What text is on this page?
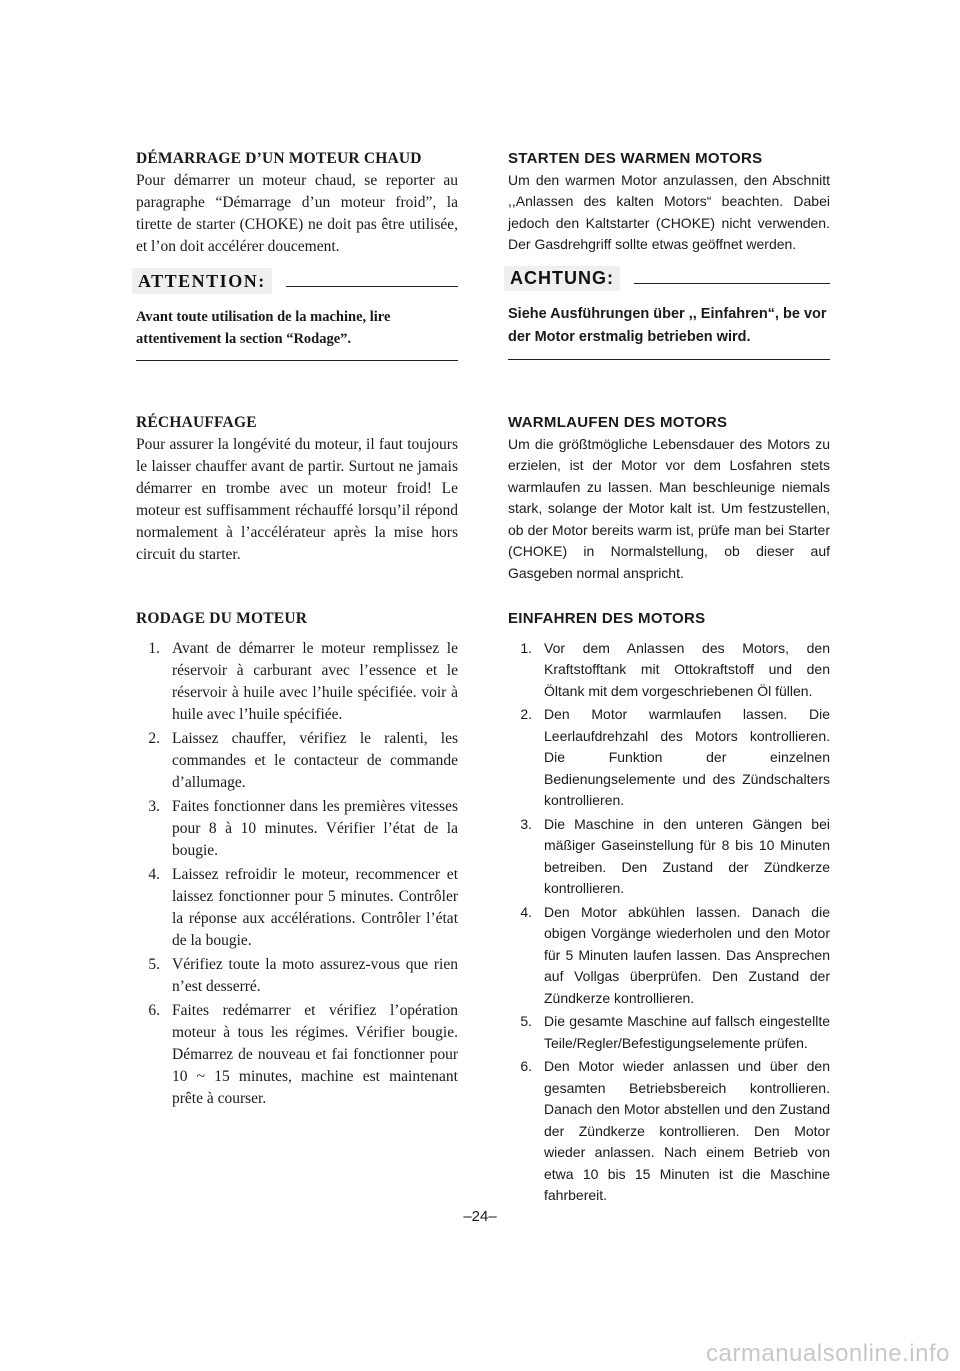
DÉMARRAGE D’UN MOTEUR CHAUD

Pour démarrer un moteur chaud, se reporter au paragraphe “Démarrage d’un moteur froid”, la tirette de starter (CHOKE) ne doit pas être utilisée, et l’on doit accélérer doucement.

ATTENTION:

Avant toute utilisation de la machine, lire attentivement la section “Rodage”.

RÉCHAUFFAGE

Pour assurer la longévité du moteur, il faut toujours le laisser chauffer avant de partir. Surtout ne jamais démarrer en trombe avec un moteur froid! Le moteur est suffisamment réchauffé lorsqu’il répond normalement à l’accélérateur après la mise hors circuit du starter.

RODAGE DU MOTEUR
1. Avant de démarrer le moteur remplissez le réservoir à carburant avec l’essence et le réservoir à huile avec l’huile spécifiée. voir à huile avec l’huile spécifiée.
2. Laissez chauffer, vérifiez le ralenti, les commandes et le contacteur de commande d’allumage.
3. Faites fonctionner dans les premières vitesses pour 8 à 10 minutes. Vérifier l’état de la bougie.
4. Laissez refroidir le moteur, recommencer et laissez fonctionner pour 5 minutes. Contrôler la réponse aux accélérations. Contrôler l’état de la bougie.
5. Vérifiez toute la moto assurez-vous que rien n’est desserré.
6. Faites redémarrer et vérifiez l’opération moteur à tous les régimes. Vérifier bougie. Démarrez de nouveau et fai fonctionner pour 10 ~ 15 minutes, machine est maintenant prête à courser.
STARTEN DES WARMEN MOTORS

Um den warmen Motor anzulassen, den Abschnitt ,,Anlassen des kalten Motors“ beachten. Dabei jedoch den Kaltstarter (CHOKE) nicht verwenden. Der Gasdrehgriff sollte etwas geöffnet werden.

ACHTUNG:

Siehe Ausführungen über ,, Einfahren“, be vor der Motor erstmalig betrieben wird.

WARMLAUFEN DES MOTORS

Um die größtmögliche Lebensdauer des Motors zu erzielen, ist der Motor vor dem Losfahren stets warmlaufen zu lassen. Man beschleunige niemals stark, solange der Motor kalt ist. Um festzustellen, ob der Motor bereits warm ist, prüfe man bei Starter (CHOKE) in Normalstellung, ob dieser auf Gasgeben normal anspricht.

EINFAHREN DES MOTORS
1. Vor dem Anlassen des Motors, den Kraftstofftank mit Ottokraftstoff und den Öltank mit dem vorgeschriebenen Öl füllen.
2. Den Motor warmlaufen lassen. Die Leerlaufdrehzahl des Motors kontrollieren. Die Funktion der einzelnen Bedienungselemente und des Zündschalters kontrollieren.
3. Die Maschine in den unteren Gängen bei mäßiger Gaseinstellung für 8 bis 10 Minuten betreiben. Den Zustand der Zündkerze kontrollieren.
4. Den Motor abkühlen lassen. Danach die obigen Vorgänge wiederholen und den Motor für 5 Minuten laufen lassen. Das Ansprechen auf Vollgas überprüfen. Den Zustand der Zündkerze kontrollieren.
5. Die gesamte Maschine auf fallsch eingestellte Teile/Regler/Befestigungselemente prüfen.
6. Den Motor wieder anlassen und über den gesamten Betriebsbereich kontrollieren. Danach den Motor abstellen und den Zustand der Zündkerze kontrollieren. Den Motor wieder anlassen. Nach einem Betrieb von etwa 10 bis 15 Minuten ist die Maschine fahrbereit.
–24–
carmanualsonline.info
